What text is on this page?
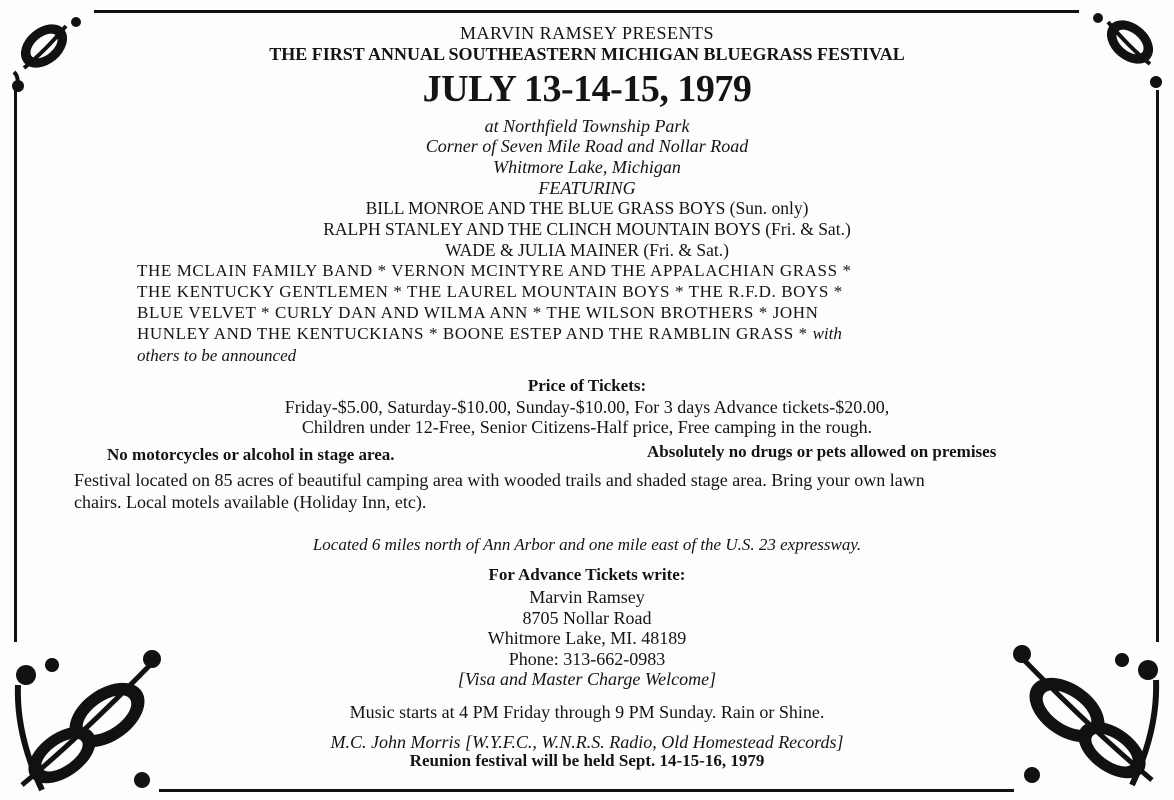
MARVIN RAMSEY PRESENTS
THE FIRST ANNUAL SOUTHEASTERN MICHIGAN BLUEGRASS FESTIVAL
JULY 13-14-15, 1979
at Northfield Township Park
Corner of Seven Mile Road and Nollar Road
Whitmore Lake, Michigan
FEATURING
BILL MONROE AND THE BLUE GRASS BOYS (Sun. only)
RALPH STANLEY AND THE CLINCH MOUNTAIN BOYS (Fri. & Sat.)
WADE & JULIA MAINER (Fri. & Sat.)
THE MCLAIN FAMILY BAND * VERNON MCINTYRE AND THE APPALACHIAN GRASS *
THE KENTUCKY GENTLEMEN * THE LAUREL MOUNTAIN BOYS * THE R.F.D. BOYS *
BLUE VELVET * CURLY DAN AND WILMA ANN * THE WILSON BROTHERS * JOHN
HUNLEY AND THE KENTUCKIANS * BOONE ESTEP AND THE RAMBLIN GRASS * with
others to be announced
Price of Tickets:
Friday-$5.00, Saturday-$10.00, Sunday-$10.00, For 3 days Advance tickets-$20.00,
Children under 12-Free, Senior Citizens-Half price, Free camping in the rough.
No motorcycles or alcohol in stage area.	Absolutely no drugs or pets allowed on premises
Festival located on 85 acres of beautiful camping area with wooded trails and shaded stage area. Bring your own lawn
chairs. Local motels available (Holiday Inn, etc).
Located 6 miles north of Ann Arbor and one mile east of the U.S. 23 expressway.
For Advance Tickets write:
Marvin Ramsey
8705 Nollar Road
Whitmore Lake, MI. 48189
Phone: 313-662-0983
[Visa and Master Charge Welcome]
Music starts at 4 PM Friday through 9 PM Sunday. Rain or Shine.
M.C. John Morris [W.Y.F.C., W.N.R.S. Radio, Old Homestead Records]
Reunion festival will be held Sept. 14-15-16, 1979
